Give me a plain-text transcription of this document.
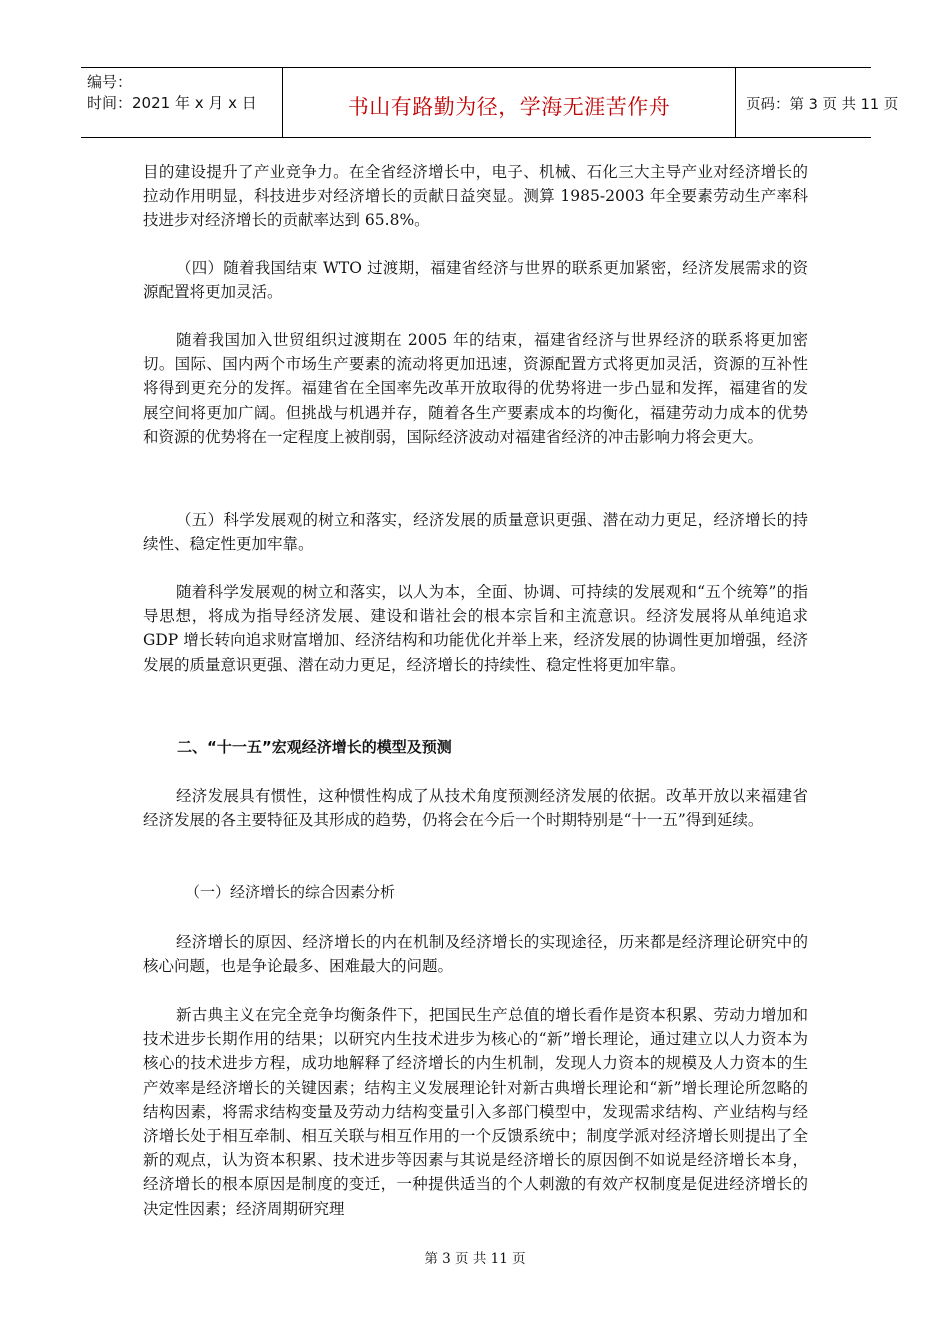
编号：
时间：2021 年 x 月 x 日	书山有路勤为径，学海无涯苦作舟	页码：第 3 页 共 11 页

目的建设提升了产业竞争力。在全省经济增长中，电子、机械、石化三大主导产业对经济增长的拉动作用明显，科技进步对经济增长的贡献日益突显。测算 1985-2003 年全要素劳动生产率科技进步对经济增长的贡献率达到 65.8%。

（四）随着我国结束 WTO 过渡期，福建省经济与世界的联系更加紧密，经济发展需求的资源配置将更加灵活。

随着我国加入世贸组织过渡期在 2005 年的结束，福建省经济与世界经济的联系将更加密切。国际、国内两个市场生产要素的流动将更加迅速，资源配置方式将更加灵活，资源的互补性将得到更充分的发挥。福建省在全国率先改革开放取得的优势将进一步凸显和发挥，福建省的发展空间将更加广阔。但挑战与机遇并存，随着各生产要素成本的均衡化，福建劳动力成本的优势和资源的优势将在一定程度上被削弱，国际经济波动对福建省经济的冲击影响力将会更大。

（五）科学发展观的树立和落实，经济发展的质量意识更强、潜在动力更足，经济增长的持续性、稳定性更加牢靠。

随着科学发展观的树立和落实，以人为本，全面、协调、可持续的发展观和“五个统筹”的指导思想，将成为指导经济发展、建设和谐社会的根本宗旨和主流意识。经济发展将从单纯追求 GDP 增长转向追求财富增加、经济结构和功能优化并举上来，经济发展的协调性更加增强，经济发展的质量意识更强、潜在动力更足，经济增长的持续性、稳定性将更加牢靠。

二、“十一五”宏观经济增长的模型及预测

经济发展具有惯性，这种惯性构成了从技术角度预测经济发展的依据。改革开放以来福建省经济发展的各主要特征及其形成的趋势，仍将会在今后一个时期特别是“十一五”得到延续。

（一）经济增长的综合因素分析

经济增长的原因、经济增长的内在机制及经济增长的实现途径，历来都是经济理论研究中的核心问题，也是争论最多、困难最大的问题。

新古典主义在完全竞争均衡条件下，把国民生产总值的增长看作是资本积累、劳动力增加和技术进步长期作用的结果；以研究内生技术进步为核心的“新”增长理论，通过建立以人力资本为核心的技术进步方程，成功地解释了经济增长的内生机制，发现人力资本的规模及人力资本的生产效率是经济增长的关键因素；结构主义发展理论针对新古典增长理论和“新”增长理论所忽略的结构因素，将需求结构变量及劳动力结构变量引入多部门模型中，发现需求结构、产业结构与经济增长处于相互牵制、相互关联与相互作用的一个反馈系统中；制度学派对经济增长则提出了全新的观点，认为资本积累、技术进步等因素与其说是经济增长的原因倒不如说是经济增长本身，经济增长的根本原因是制度的变迁，一种提供适当的个人刺激的有效产权制度是促进经济增长的决定性因素；经济周期研究理

第 3 页 共 11 页
